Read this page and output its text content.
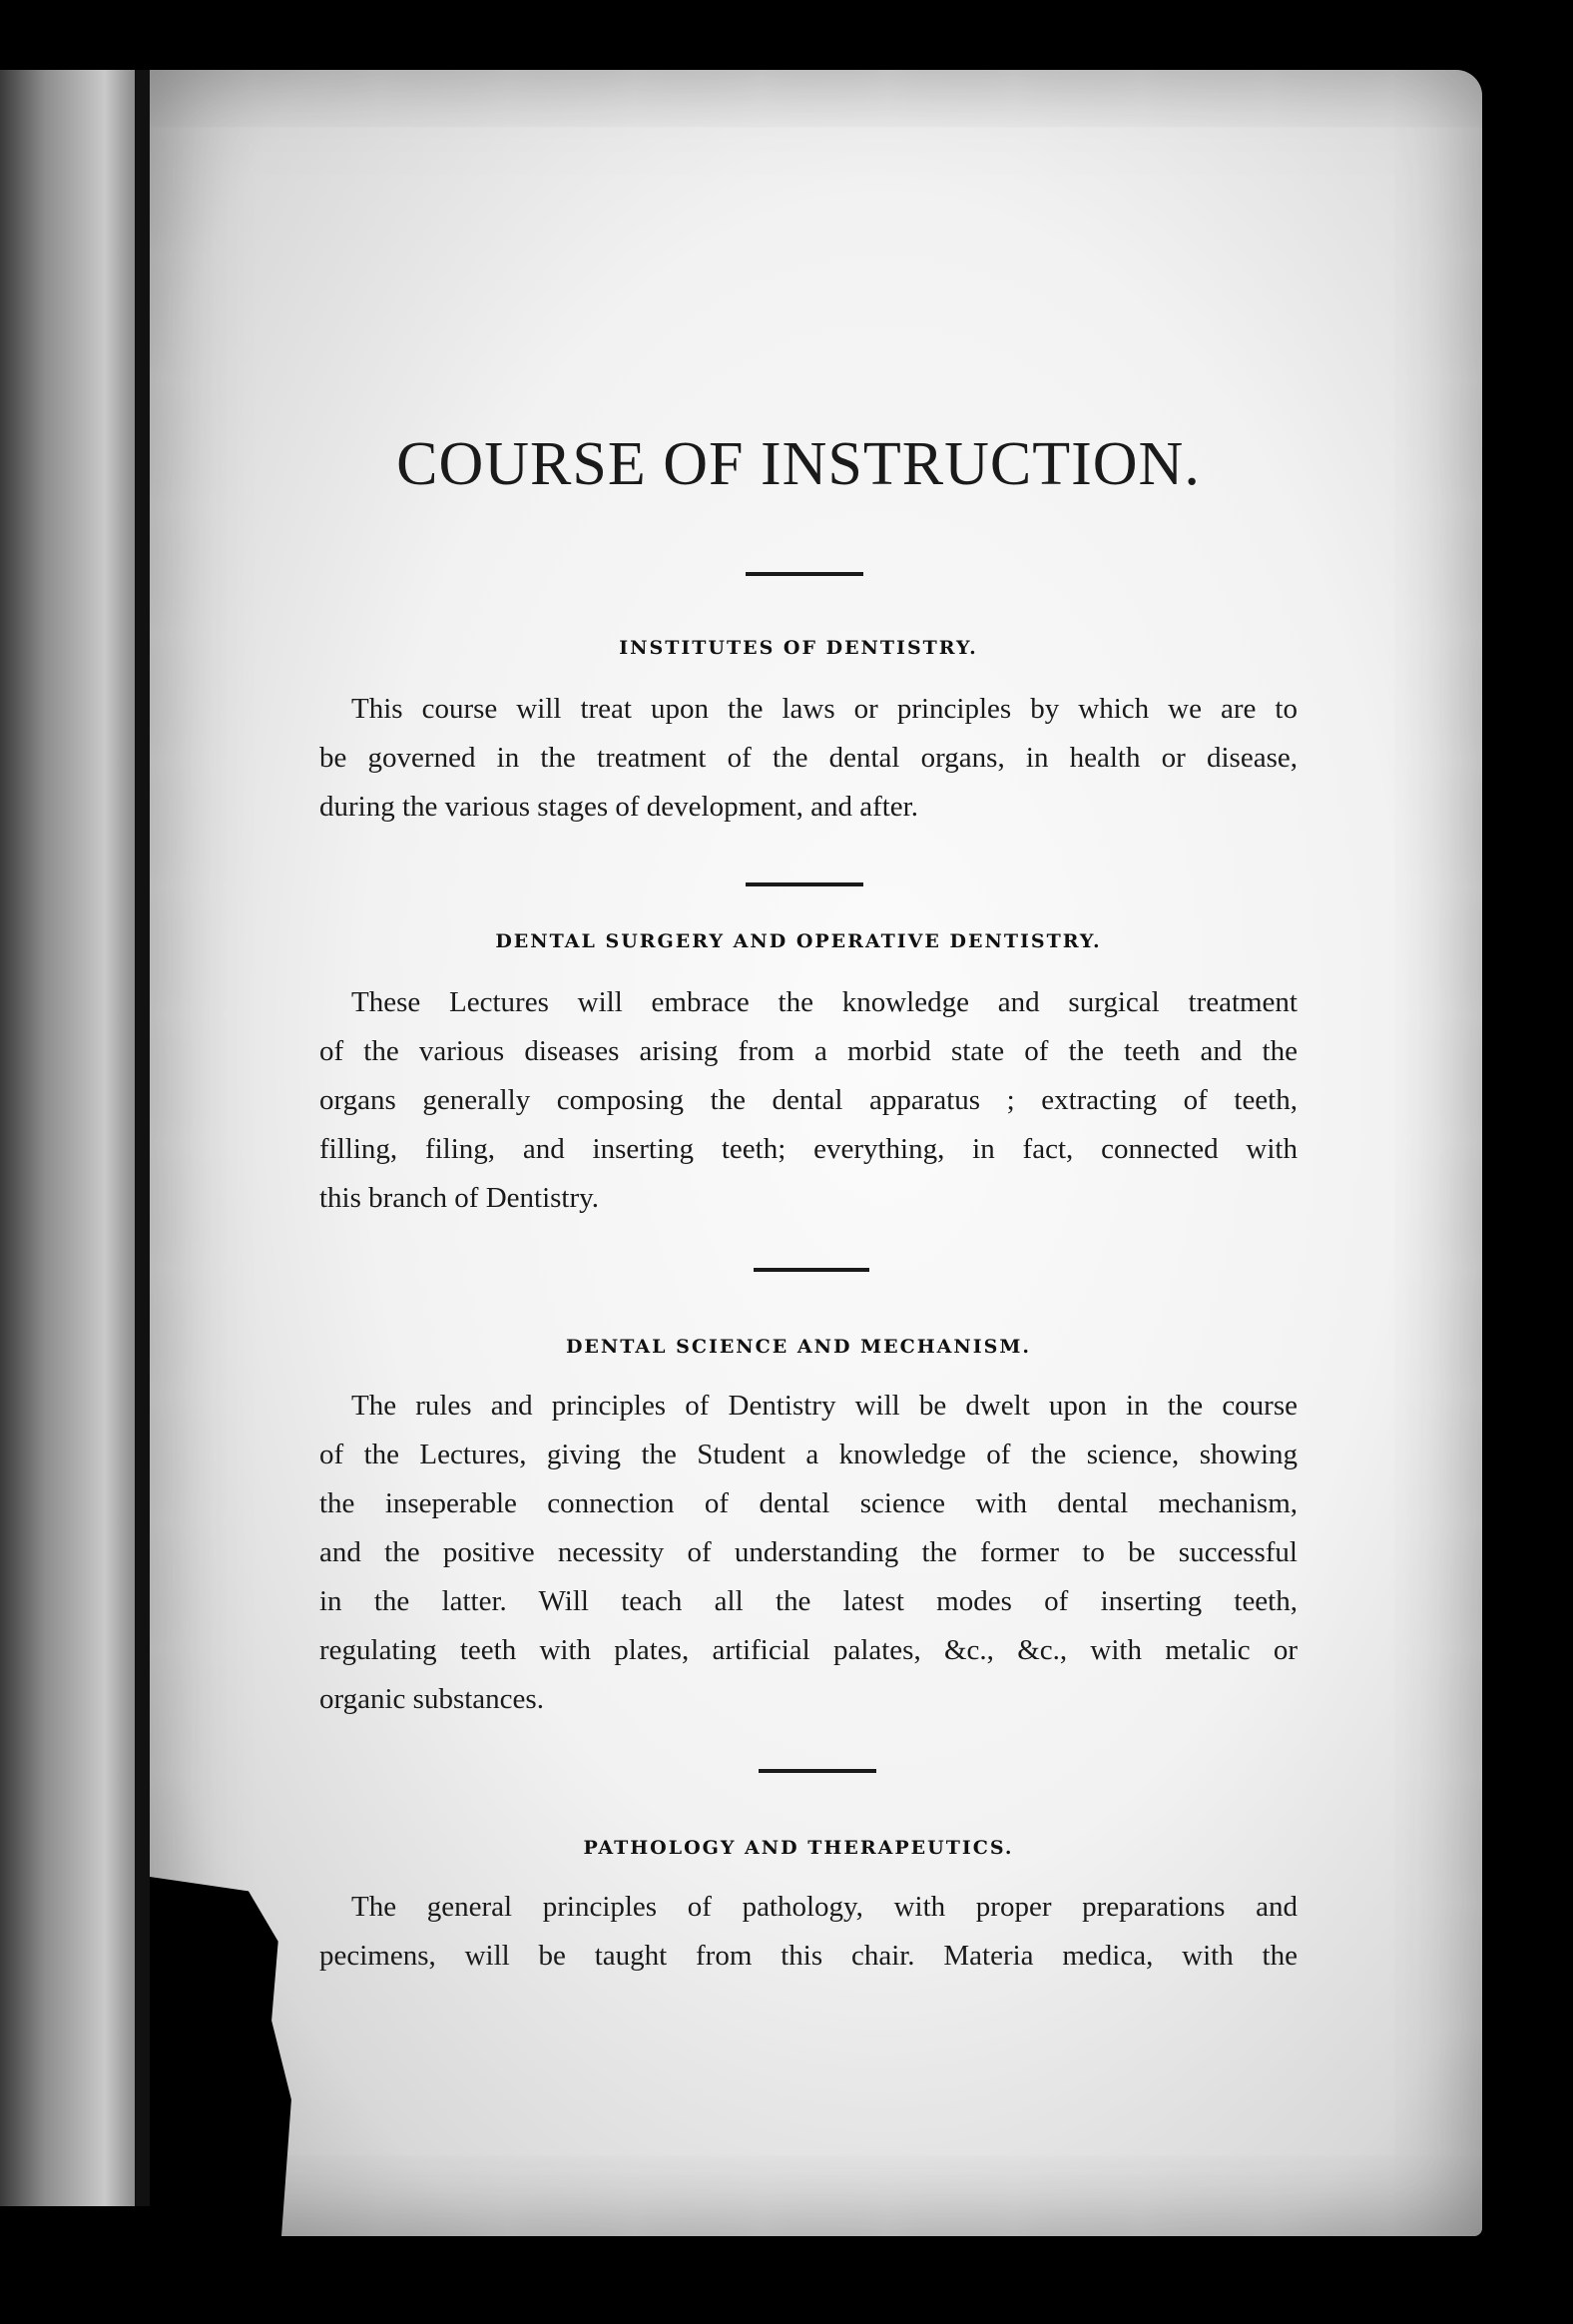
COURSE OF INSTRUCTION.
INSTITUTES OF DENTISTRY.
This course will treat upon the laws or principles by which we are to
be governed in the treatment of the dental organs, in health or disease,
during the various stages of development, and after.
DENTAL SURGERY AND OPERATIVE DENTISTRY.
These Lectures will embrace the knowledge and surgical treatment
of the various diseases arising from a morbid state of the teeth and the
organs generally composing the dental apparatus ; extracting of teeth,
filling, filing, and inserting teeth; everything, in fact, connected with
this branch of Dentistry.
DENTAL SCIENCE AND MECHANISM.
The rules and principles of Dentistry will be dwelt upon in the course
of the Lectures, giving the Student a knowledge of the science, showing
the inseperable connection of dental science with dental mechanism,
and the positive necessity of understanding the former to be successful
in the latter. Will teach all the latest modes of inserting teeth,
regulating teeth with plates, artificial palates, &c., &c., with metalic or
organic substances.
PATHOLOGY AND THERAPEUTICS.
The general principles of pathology, with proper preparations and
pecimens, will be taught from this chair. Materia medica, with the
